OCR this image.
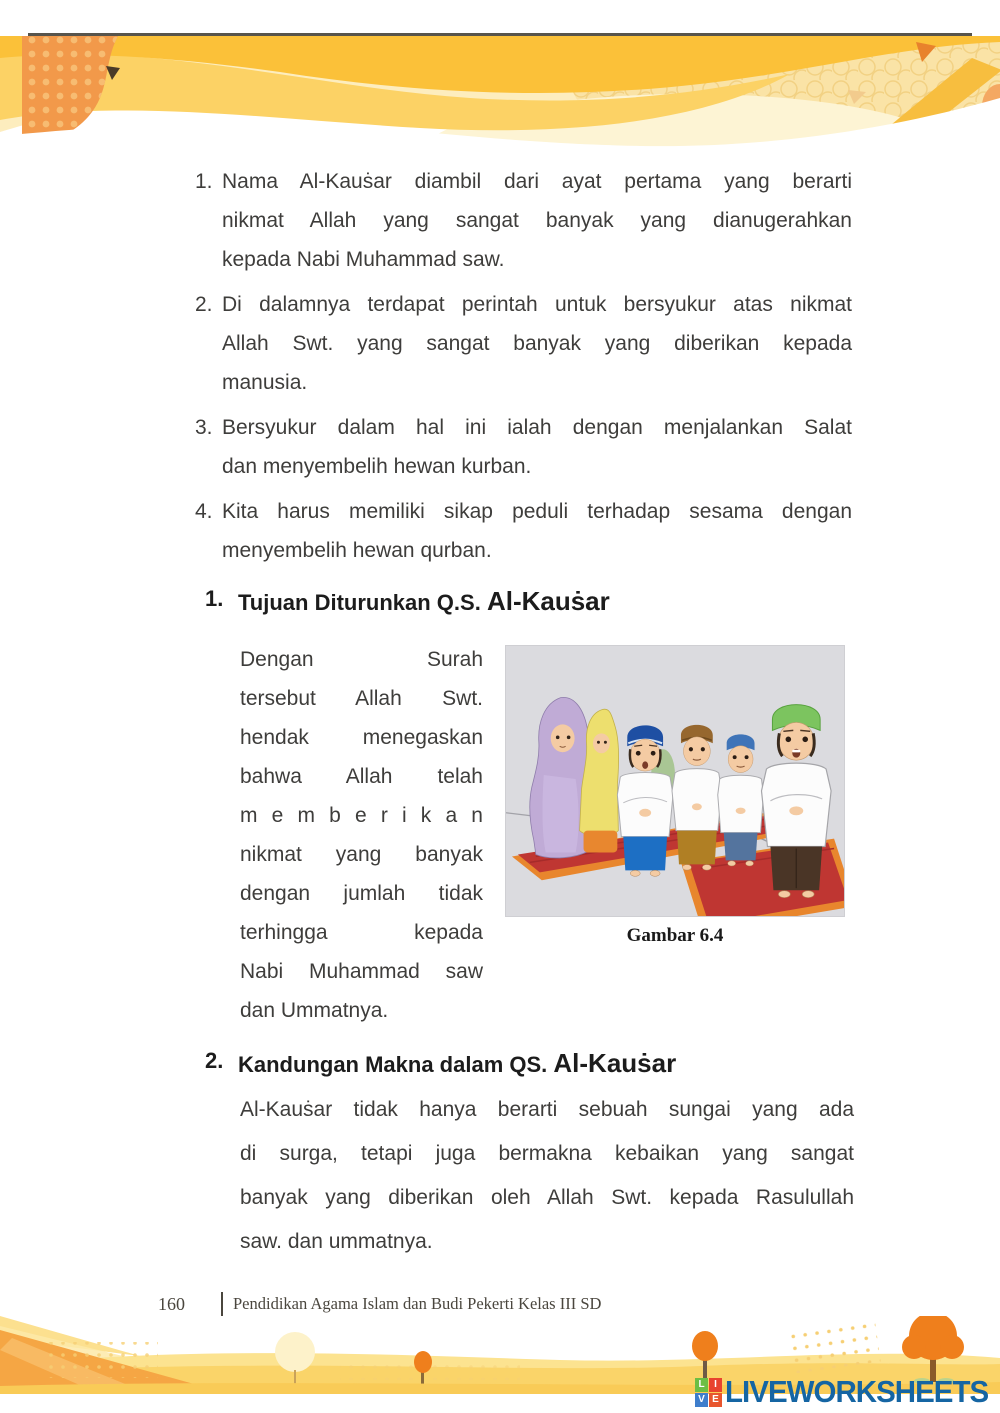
1. Nama Al-Kauṡar diambil dari ayat pertama yang berarti
nikmat Allah yang sangat banyak yang dianugerahkan
kepada Nabi Muhammad saw.
2. Di dalamnya terdapat perintah untuk bersyukur atas nikmat
Allah Swt. yang sangat banyak yang diberikan kepada
manusia.
3. Bersyukur dalam hal ini ialah dengan menjalankan Salat
dan menyembelih hewan kurban.
4. Kita harus memiliki sikap peduli terhadap sesama dengan
menyembelih hewan qurban.
1. Tujuan Diturunkan Q.S. Al-Kauṡar
Dengan Surah
tersebut Allah Swt.
hendak menegaskan
bahwa Allah telah
m e m b e r i k a n
nikmat yang banyak
dengan jumlah tidak
terhingga kepada
Nabi Muhammad saw
dan Ummatnya.
Gambar 6.4
2. Kandungan Makna dalam QS. Al-Kauṡar
Al-Kauṡar tidak hanya berarti sebuah sungai yang ada
di surga, tetapi juga bermakna kebaikan yang sangat
banyak yang diberikan oleh Allah Swt. kepada Rasulullah
saw. dan ummatnya.
160	Pendidikan Agama Islam dan Budi Pekerti Kelas III SD
L I
V E LIVEWORKSHEETS
